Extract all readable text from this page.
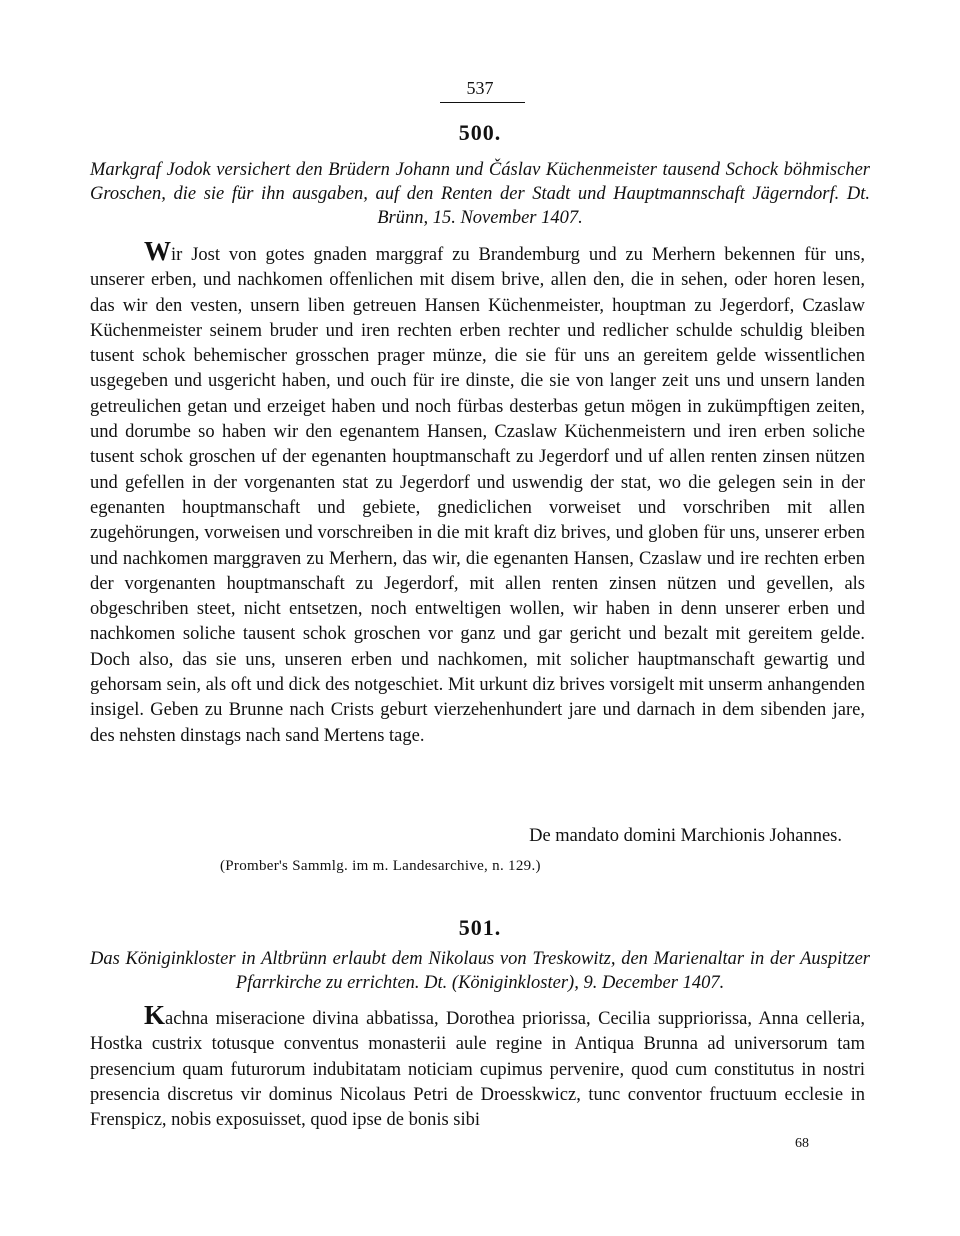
537
500.
Markgraf Jodok versichert den Brüdern Johann und Čáslav Küchenmeister tausend Schock böhmischer Groschen, die sie für ihn ausgaben, auf den Renten der Stadt und Hauptmannschaft Jägerndorf. Dt. Brünn, 15. November 1407.

Wir Jost von gotes gnaden marggraf zu Brandemburg und zu Merhern bekennen für uns, unserer erben, und nachkomen offenlichen mit disem brive, allen den, die in sehen, oder horen lesen, das wir den vesten, unsern liben getreuen Hansen Küchenmeister, houptman zu Jegerdorf, Czaslaw Küchenmeister seinem bruder und iren rechten erben rechter und redlicher schulde schuldig bleiben tusent schok behemischer grosschen prager münze, die sie für uns an gereitem gelde wissentlichen usgegeben und usgericht haben, und ouch für ire dinste, die sie von langer zeit uns und unsern landen getreulichen getan und erzeiget haben und noch fürbas desterbas getun mögen in zukümpftigen zeiten, und dorumbe so haben wir den egenantem Hansen, Czaslaw Küchenmeistern und iren erben soliche tusent schok groschen uf der egenanten houptmanschaft zu Jegerdorf und uf allen renten zinsen nützen und gefellen in der vorgenanten stat zu Jegerdorf und uswendig der stat, wo die gelegen sein in der egenanten houptmanschaft und gebiete, gnediclichen vorweiset und vorschriben mit allen zugehörungen, vorweisen und vorschreiben in die mit kraft diz brives, und globen für uns, unserer erben und nachkomen marggraven zu Merhern, das wir, die egenanten Hansen, Czaslaw und ire rechten erben der vorgenanten houptmanschaft zu Jegerdorf, mit allen renten zinsen nützen und gevellen, als obgeschriben steet, nicht entsetzen, noch entweltigen wollen, wir haben in denn unserer erben und nachkomen soliche tausent schok groschen vor ganz und gar gericht und bezalt mit gereitem gelde. Doch also, das sie uns, unseren erben und nachkomen, mit solicher hauptmanschaft gewartig und gehorsam sein, als oft und dick des notgeschiet. Mit urkunt diz brives vorsigelt mit unserm anhangenden insigel. Geben zu Brunne nach Crists geburt vierzehenhundert jare und darnach in dem sibenden jare, des nehsten dinstags nach sand Mertens tage.

De mandato domini Marchionis Johannes.
(Promber's Sammlg. im m. Landesarchive, n. 129.)
501.
Das Königinkloster in Altbrünn erlaubt dem Nikolaus von Treskowitz, den Marienaltar in der Auspitzer Pfarrkirche zu errichten. Dt. (Königinkloster), 9. December 1407.

Kachna miseracione divina abbatissa, Dorothea priorissa, Cecilia suppriorissa, Anna celleria, Hostka custrix totusque conventus monasterii aule regine in Antiqua Brunna ad universorum tam presencium quam futurorum indubitatam noticiam cupimus pervenire, quod cum constitutus in nostri presencia discretus vir dominus Nicolaus Petri de Droesskwicz, tunc conventor fructuum ecclesie in Frenspicz, nobis exposuisset, quod ipse de bonis sibi

68
